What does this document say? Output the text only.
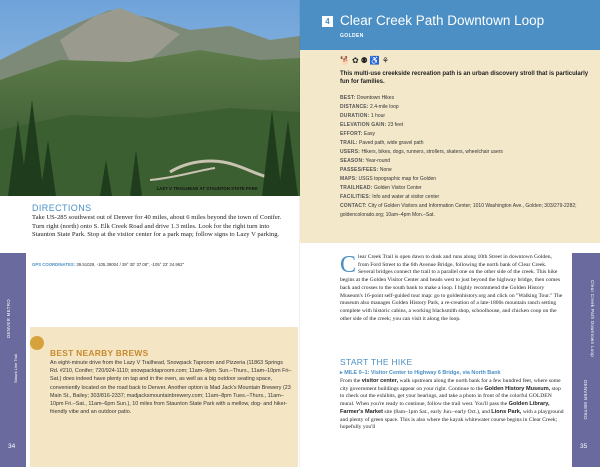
LAZY V TRAILHEAD AT STAUNTON STATE PARK
DIRECTIONS
Take US-285 southwest out of Denver for 40 miles, about 6 miles beyond the town of Conifer. Turn right (north) onto S. Elk Creek Road and drive 1.3 miles. Look for the right turn into Staunton State Park. Stop at the visitor center for a park map; follow signs to Lazy V parking.
GPS COORDINATES: 39.51029, -105.39004 / 39° 30' 37.08", -105° 23' 34.962"
DENVER METRO
Staunt Line Trail
34
BEST NEARBY BREWS
An eight-minute drive from the Lazy V Trailhead, Snowpack Taproom and Pizzeria (11863 Springs Rd. #210, Conifer; 720/924-1110; snowpacktaproom.com; 11am–9pm. Sun.–Thurs., 11am–10pm Fri–Sat.) does indeed have plenty on tap and in the oven, as well as a big outdoor seating space, conveniently located on the road back to Denver. Another option is Mad Jack's Mountain Brewery (23 Main St., Bailey; 303/816-2337; madjacksmountainbrewery.com; 11am–8pm Tues.–Thurs., 11am–10pm Fri.–Sat., 11am–6pm Sun.), 10 miles from Staunton State Park with a mellow, dog- and hiker-friendly vibe and an outdoor patio.
4 Clear Creek Path Downtown Loop
GOLDEN
🐕✿⚉♿⚘
This multi-use creekside recreation path is an urban discovery stroll that is particularly fun for families.
BEST: Downtown Hikes
DISTANCE: 2.4-mile loop
DURATION: 1 hour
ELEVATION GAIN: 23 feet
EFFORT: Easy
TRAIL: Paved path, wide gravel path
USERS: Hikers, bikes, dogs, runners, strollers, skaters, wheelchair users
SEASON: Year-round
PASSES/FEES: None
MAPS: USGS topographic map for Golden
TRAILHEAD: Golden Visitor Center
FACILITIES: Info and water at visitor center
CONTACT: City of Golden Visitors and Information Center; 1010 Washington Ave., Golden; 303/279-2282; goldencolorado.org; 10am–4pm Mon.–Sat.
Clear Creek Trail is open dawn to dusk and runs along 10th Street in downtown Golden, from Ford Street to the 6th Avenue Bridge, following the north bank of Clear Creek. Several bridges connect the trail to a parallel one on the other side of the creek. This hike begins at the Golden Visitor Center and heads west to just beyond the highway bridge, then comes back and crosses to the south bank to make a loop. I highly recommend the Golden History Museum's 16-point self-guided tour map: go to goldenhistory.org and click on "Walking Tour." The museum also manages Golden History Park, a re-creation of a late-1800s mountain ranch setting complete with historic cabins, a working blacksmith shop, schoolhouse, and chicken coop on the other side of the creek; you can visit it along the loop.
START THE HIKE
▸ MILE 0–1: Visitor Center to Highway 6 Bridge, via North Bank
From the visitor center, walk upstream along the north bank for a few hundred feet, where some city government buildings appear on your right. Continue to the Golden History Museum, stop to check out the exhibits, get your bearings, and take a photo in front of the colorful GOLDEN mural. When you're ready to continue, follow the trail west. You'll pass the Golden Library, Farmer's Market site (8am–1pm Sat., early Jun.–early Oct.), and Lions Park, with a playground and plenty of green space. This is also where the kayak whitewater course begins in Clear Creek; hopefully you'll
Clear Creek Path Downtown Loop
DENVER METRO
35
